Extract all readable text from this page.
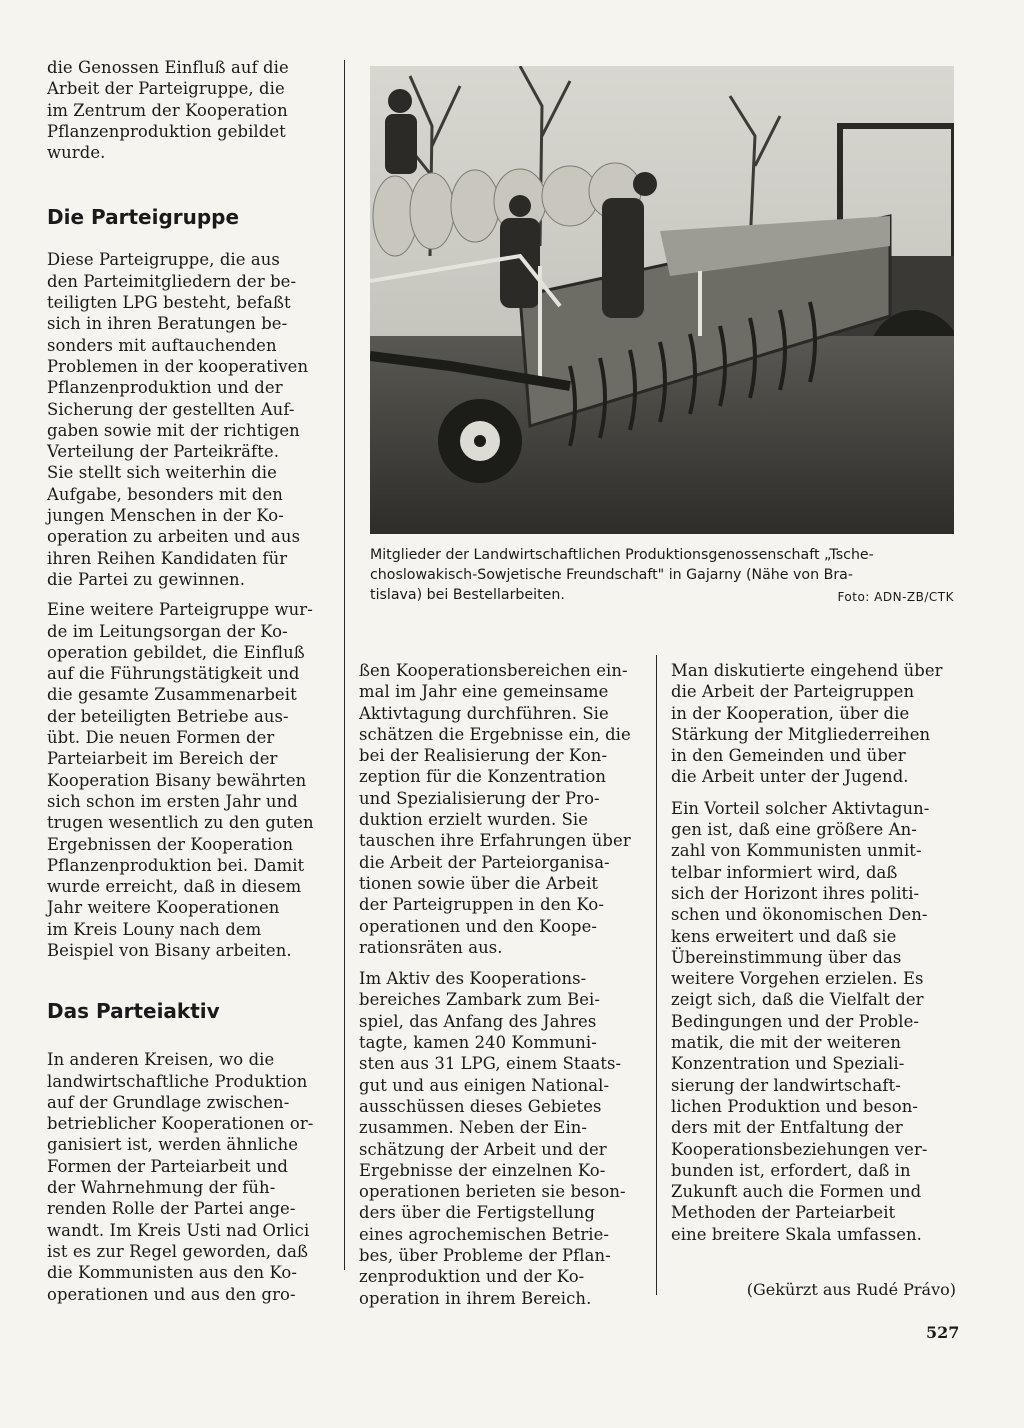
die Genossen Einfluß auf die
Arbeit der Parteigruppe, die
im Zentrum der Kooperation
Pflanzenproduktion gebildet
wurde.

Die Parteigruppe

Diese Parteigruppe, die aus
den Parteimitgliedern der be-
teiligten LPG besteht, befaßt
sich in ihren Beratungen be-
sonders mit auftauchenden
Problemen in der kooperativen
Pflanzenproduktion und der
Sicherung der gestellten Auf-
gaben sowie mit der richtigen
Verteilung der Parteikräfte.
Sie stellt sich weiterhin die
Aufgabe, besonders mit den
jungen Menschen in der Ko-
operation zu arbeiten und aus
ihren Reihen Kandidaten für
die Partei zu gewinnen.

Eine weitere Parteigruppe wur-
de im Leitungsorgan der Ko-
operation gebildet, die Einfluß
auf die Führungstätigkeit und
die gesamte Zusammenarbeit
der beteiligten Betriebe aus-
übt. Die neuen Formen der
Parteiarbeit im Bereich der
Kooperation Bisany bewährten
sich schon im ersten Jahr und
trugen wesentlich zu den guten
Ergebnissen der Kooperation
Pflanzenproduktion bei. Damit
wurde erreicht, daß in diesem
Jahr weitere Kooperationen
im Kreis Louny nach dem
Beispiel von Bisany arbeiten.

Das Parteiaktiv

In anderen Kreisen, wo die
landwirtschaftliche Produktion
auf der Grundlage zwischen-
betrieblicher Kooperationen or-
ganisiert ist, werden ähnliche
Formen der Parteiarbeit und
der Wahrnehmung der füh-
renden Rolle der Partei ange-
wandt. Im Kreis Usti nad Orlici
ist es zur Regel geworden, daß
die Kommunisten aus den Ko-
operationen und aus den gro-

Mitglieder der Landwirtschaftlichen Produktionsgenossenschaft „Tsche-
choslowakisch-Sowjetische Freundschaft" in Gajarny (Nähe von Bra-
tislava) bei Bestellarbeiten.	Foto: ADN-ZB/CTK

ßen Kooperationsbereichen ein-
mal im Jahr eine gemeinsame
Aktivtagung durchführen. Sie
schätzen die Ergebnisse ein, die
bei der Realisierung der Kon-
zeption für die Konzentration
und Spezialisierung der Pro-
duktion erzielt wurden. Sie
tauschen ihre Erfahrungen über
die Arbeit der Parteiorganisa-
tionen sowie über die Arbeit
der Parteigruppen in den Ko-
operationen und den Koope-
rationsräten aus.

Im Aktiv des Kooperations-
bereiches Zambark zum Bei-
spiel, das Anfang des Jahres
tagte, kamen 240 Kommuni-
sten aus 31 LPG, einem Staats-
gut und aus einigen National-
ausschüssen dieses Gebietes
zusammen. Neben der Ein-
schätzung der Arbeit und der
Ergebnisse der einzelnen Ko-
operationen berieten sie beson-
ders über die Fertigstellung
eines agrochemischen Betrie-
bes, über Probleme der Pflan-
zenproduktion und der Ko-
operation in ihrem Bereich.

Man diskutierte eingehend über
die Arbeit der Parteigruppen
in der Kooperation, über die
Stärkung der Mitgliederreihen
in den Gemeinden und über
die Arbeit unter der Jugend.

Ein Vorteil solcher Aktivtagun-
gen ist, daß eine größere An-
zahl von Kommunisten unmit-
telbar informiert wird, daß
sich der Horizont ihres politi-
schen und ökonomischen Den-
kens erweitert und daß sie
Übereinstimmung über das
weitere Vorgehen erzielen. Es
zeigt sich, daß die Vielfalt der
Bedingungen und der Proble-
matik, die mit der weiteren
Konzentration und Speziali-
sierung der landwirtschaft-
lichen Produktion und beson-
ders mit der Entfaltung der
Kooperationsbeziehungen ver-
bunden ist, erfordert, daß in
Zukunft auch die Formen und
Methoden der Parteiarbeit
eine breitere Skala umfassen.

(Gekürzt aus Rudé Právo)
527
